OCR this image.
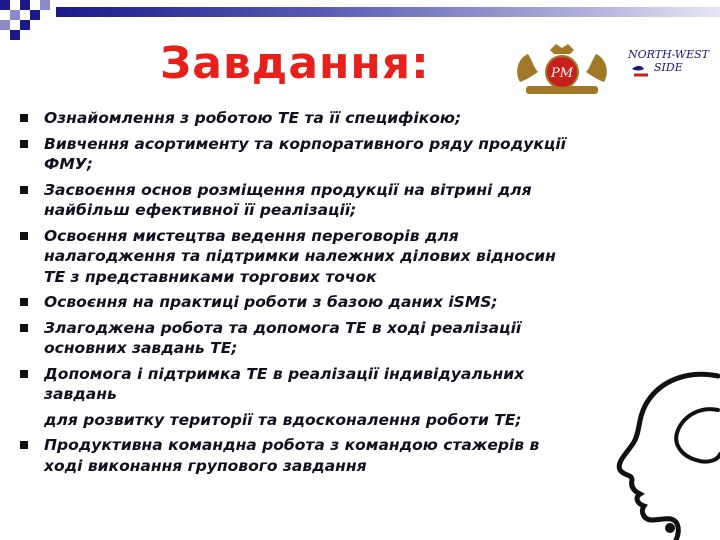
Завдання:	PM
NORTH-WEST
SIDE
Ознайомлення з роботою ТЕ та її специфікою;
Вивчення асортименту та корпоративного ряду продукції
ФМУ;
Засвоєння основ розміщення продукції на вітрині для
найбільш ефективної її реалізації;
Освоєння мистецтва ведення переговорів для
налагодження та підтримки належних ділових відносин
ТЕ з представниками торгових точок
Освоєння на практиці роботи з базою даних iSMS;
Злагоджена робота та допомога ТЕ в ході реалізації
основних завдань ТЕ;
Допомога і підтримка ТЕ в реалізації індивідуальних
завдань
для розвитку території та вдосконалення роботи ТЕ;
Продуктивна командна робота з командою стажерів в
ході виконання групового завдання
